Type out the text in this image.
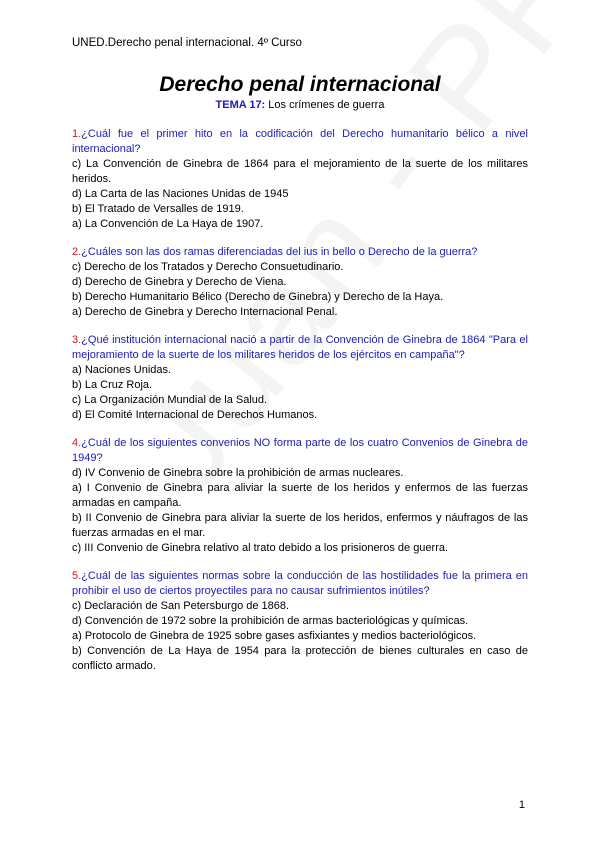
UNED.Derecho penal internacional. 4º Curso
Derecho penal internacional
TEMA 17: Los crímenes de guerra
1.¿Cuál fue el primer hito en la codificación del Derecho humanitario bélico a nivel internacional?
c) La Convención de Ginebra de 1864 para el mejoramiento de la suerte de los militares heridos.
d) La Carta de las Naciones Unidas de 1945
b) El Tratado de Versalles de 1919.
a) La Convención de La Haya de 1907.
2.¿Cuáles son las dos ramas diferenciadas del ius in bello o Derecho de la guerra?
c) Derecho de los Tratados y Derecho Consuetudinario.
d) Derecho de Ginebra y Derecho de Viena.
b) Derecho Humanitario Bélico (Derecho de Ginebra) y Derecho de la Haya.
a) Derecho de Ginebra y Derecho Internacional Penal.
3.¿Qué institución internacional nació a partir de la Convención de Ginebra de 1864 "Para el mejoramiento de la suerte de los militares heridos de los ejércitos en campaña"?
a) Naciones Unidas.
b) La Cruz Roja.
c) La Organización Mundial de la Salud.
d) El Comité Internacional de Derechos Humanos.
4.¿Cuál de los siguientes convenios NO forma parte de los cuatro Convenios de Ginebra de 1949?
d) IV Convenio de Ginebra sobre la prohibición de armas nucleares.
a) I Convenio de Ginebra para aliviar la suerte de los heridos y enfermos de las fuerzas armadas en campaña.
b) II Convenio de Ginebra para aliviar la suerte de los heridos, enfermos y náufragos de las fuerzas armadas en el mar.
c) III Convenio de Ginebra relativo al trato debido a los prisioneros de guerra.
5.¿Cuál de las siguientes normas sobre la conducción de las hostilidades fue la primera en prohibir el uso de ciertos proyectiles para no causar sufrimientos inútiles?
c) Declaración de San Petersburgo de 1868.
d) Convención de 1972 sobre la prohibición de armas bacteriológicas y químicas.
a) Protocolo de Ginebra de 1925 sobre gases asfixiantes y medios bacteriológicos.
b) Convención de La Haya de 1954 para la protección de bienes culturales en caso de conflicto armado.
1
